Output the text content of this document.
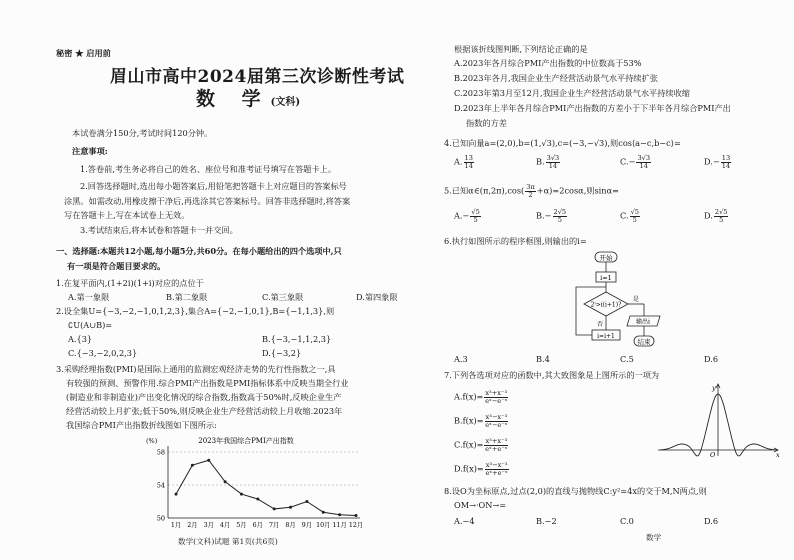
秘密 ★ 启用前
眉山市高中2024届第三次诊断性考试
数 学(文科)
本试卷满分150分,考试时间120分钟。
注意事项:
1.答卷前,考生务必将自己的姓名、座位号和准考证号填写在答题卡上。
2.回答选择题时,选出每小题答案后,用铅笔把答题卡上对应题目的答案标号
涂黑。如需改动,用橡皮擦干净后,再选涂其它答案标号。回答非选择题时,将答案
写在答题卡上,写在本试卷上无效。
3.考试结束后,将本试卷和答题卡一并交回。
一、选择题:本题共12小题,每小题5分,共60分。在每小题给出的四个选项中,只
有一项是符合题目要求的。
1.在复平面内,(1+2i)(1+i)对应的点位于
A.第一象限	B.第二象限	C.第三象限	D.第四象限
2.设全集U={−3,−2,−1,0,1,2,3},集合A={−2,−1,0,1},B={−1,1,3},则
∁U(A∪B)=
A.{3}	B.{−3,−1,1,2,3}
C.{−3,−2,0,2,3}	D.{−3,2}
3.采购经理指数(PMI)是国际上通用的监测宏观经济走势的先行性指数之一,具
有较强的预测、预警作用.综合PMI产出指数是PMI指标体系中反映当期全行业
(制造业和非制造业)产出变化情况的综合指数,指数高于50%时,反映企业生产
经营活动较上月扩张;低于50%,则反映企业生产经营活动较上月收缩.2023年
我国综合PMI产出指数折线图如下图所示:
2023年我国综合PMI产出指数
(%)
50
54
58
1月 2月 3月 4月 5月 6月 7月 8月 9月 10月 11月 12月
数学(文科)试题 第1页(共6页)
根据该折线图判断,下列结论正确的是
A.2023年各月综合PMI产出指数的中位数高于53%
B.2023年各月,我国企业生产经营活动景气水平持续扩张
C.2023年第3月至12月,我国企业生产经营活动景气水平持续收缩
D.2023年上半年各月综合PMI产出指数的方差小于下半年各月综合PMI产出
指数的方差
4.已知向量a=(2,0),b=(1,√3),c=(−3,−√3),则cos⟨a−c,b−c⟩=
A. $\frac{13}{14}$	B. $\frac{3√3}{14}$	$C.- \frac{3√3}{14}$	$D.- \frac{13}{14}$
5.已知α∈(π,2π),cos( $\frac{3\pi}{2} +\alpha)=2\cos\alpha$,则sinα=
$A.- \frac{√5}{5}$	$B.- \frac{2√5}{5}$	C. $\frac{√5}{5}$	D. $\frac{2√5}{5}$
6.执行如图所示的程序框图,则输出的i=
开始
i=1
2ⁱ>i(i+1)?
是
否	输出i
i=i+1
结束
A.3	B.4	C.5	D.6
7.下列各选项对应的函数中,其大致图象是上图所示的一项为
$A.f(x)= \frac{\text{x³+x⁻³}}{\text{eˣ−e⁻ˣ}}$
$B.f(x)= \frac{\text{x³−x⁻³}}{\text{eˣ−e⁻ˣ}}$
$C.f(x)= \frac{\text{x³+x⁻³}}{\text{eˣ+e⁻ˣ}}$
$D.f(x)= \frac{\text{x³−x⁻³}}{\text{eˣ+e⁻ˣ}}$
y
x
O
8.设O为坐标原点,过点(2,0)的直线与抛物线C:y²=4x的交于M,N两点,则
OM→·ON→=
A.−4	B.−2	C.0	D.6
数学
